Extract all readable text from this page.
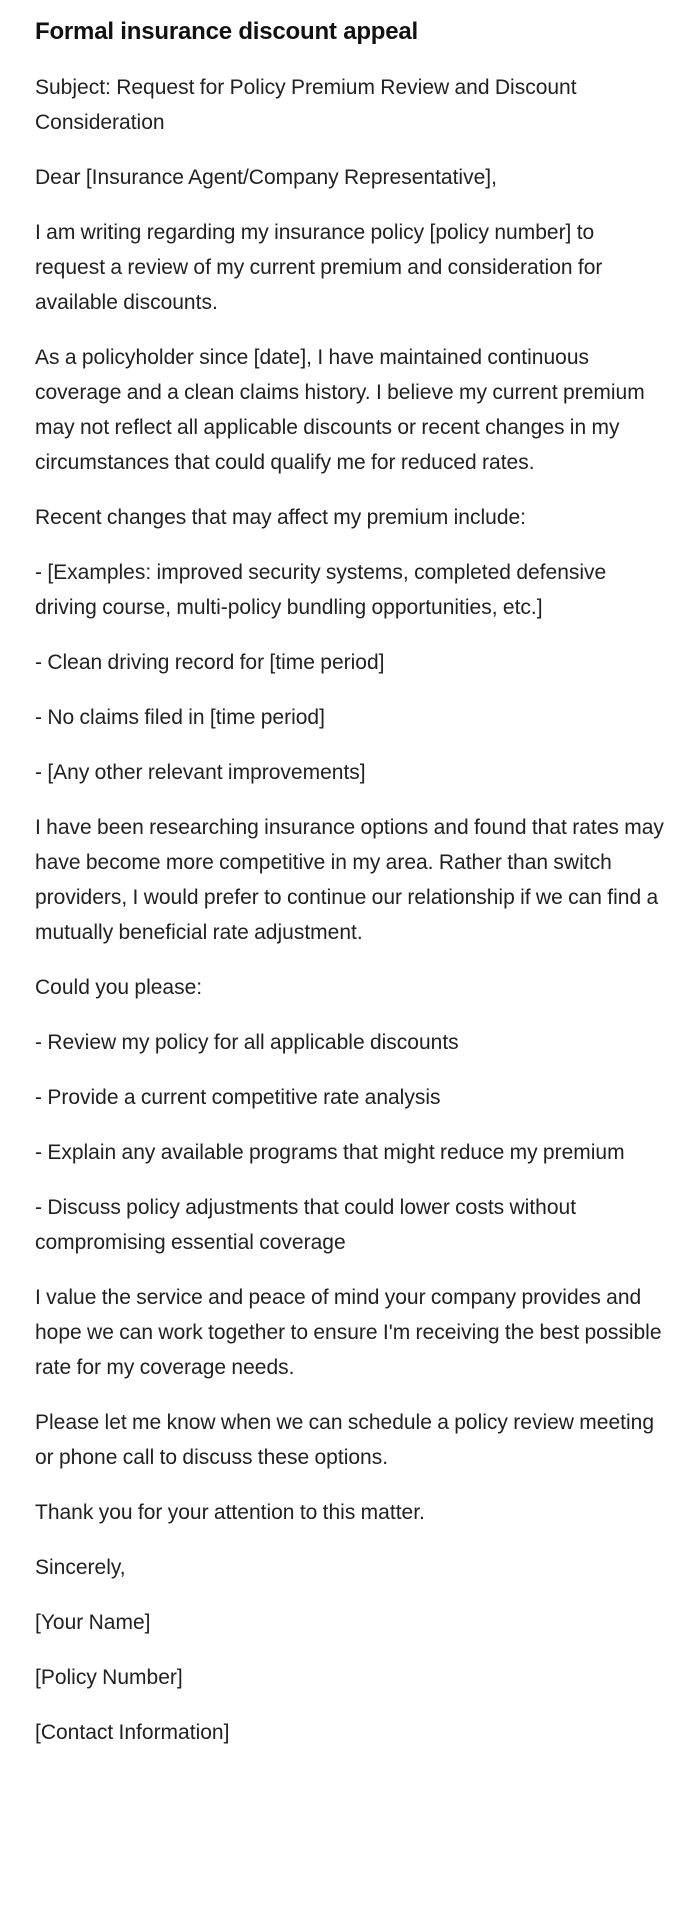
Formal insurance discount appeal

Subject: Request for Policy Premium Review and Discount Consideration

Dear [Insurance Agent/Company Representative],

I am writing regarding my insurance policy [policy number] to request a review of my current premium and consideration for available discounts.

As a policyholder since [date], I have maintained continuous coverage and a clean claims history. I believe my current premium may not reflect all applicable discounts or recent changes in my circumstances that could qualify me for reduced rates.

Recent changes that may affect my premium include:

- [Examples: improved security systems, completed defensive driving course, multi-policy bundling opportunities, etc.]

- Clean driving record for [time period]

- No claims filed in [time period]

- [Any other relevant improvements]

I have been researching insurance options and found that rates may have become more competitive in my area. Rather than switch providers, I would prefer to continue our relationship if we can find a mutually beneficial rate adjustment.

Could you please:

- Review my policy for all applicable discounts

- Provide a current competitive rate analysis

- Explain any available programs that might reduce my premium

- Discuss policy adjustments that could lower costs without compromising essential coverage

I value the service and peace of mind your company provides and hope we can work together to ensure I'm receiving the best possible rate for my coverage needs.

Please let me know when we can schedule a policy review meeting or phone call to discuss these options.

Thank you for your attention to this matter.

Sincerely,

[Your Name]

[Policy Number]

[Contact Information]
